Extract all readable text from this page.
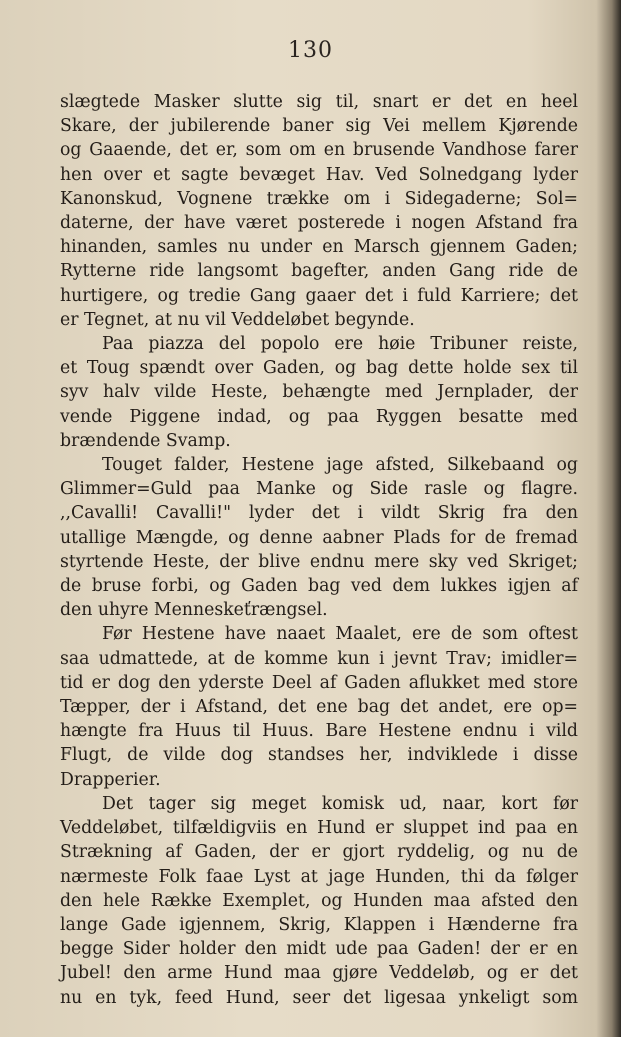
130
slægtede Masker slutte sig til, snart er det en heel
Skare, der jubilerende baner sig Vei mellem Kjørende
og Gaaende, det er, som om en brusende Vandhose farer
hen over et sagte bevæget Hav. Ved Solnedgang lyder
Kanonskud, Vognene trække om i Sidegaderne; Sol=
daterne, der have været posterede i nogen Afstand fra
hinanden, samles nu under en Marsch gjennem Gaden;
Rytterne ride langsomt bagefter, anden Gang ride de
hurtigere, og tredie Gang gaaer det i fuld Karriere; det
er Tegnet, at nu vil Veddeløbet begynde.
Paa piazza del popolo ere høie Tribuner reiste,
et Toug spændt over Gaden, og bag dette holde sex til
syv halv vilde Heste, behængte med Jernplader, der
vende Piggene indad, og paa Ryggen besatte med
brændende Svamp.
Touget falder, Hestene jage afsted, Silkebaand og
Glimmer=Guld paa Manke og Side rasle og flagre.
,,Cavalli! Cavalli!" lyder det i vildt Skrig fra den
utallige Mængde, og denne aabner Plads for de fremad
styrtende Heste, der blive endnu mere sky ved Skriget;
de bruse forbi, og Gaden bag ved dem lukkes igjen af
den uhyre Menneskeťrængsel.
Før Hestene have naaet Maalet, ere de som oftest
saa udmattede, at de komme kun i jevnt Trav; imidler=
tid er dog den yderste Deel af Gaden aflukket med store
Tæpper, der i Afstand, det ene bag det andet, ere op=
hængte fra Huus til Huus. Bare Hestene endnu i vild
Flugt, de vilde dog standses her, indviklede i disse
Drapperier.
Det tager sig meget komisk ud, naar, kort før
Veddeløbet, tilfældigviis en Hund er sluppet ind paa en
Strækning af Gaden, der er gjort ryddelig, og nu de
nærmeste Folk faae Lyst at jage Hunden, thi da følger
den hele Række Exemplet, og Hunden maa afsted den
lange Gade igjennem, Skrig, Klappen i Hænderne fra
begge Sider holder den midt ude paa Gaden! der er en
Jubel! den arme Hund maa gjøre Veddeløb, og er det
nu en tyk, feed Hund, seer det ligesaa ynkeligt som
